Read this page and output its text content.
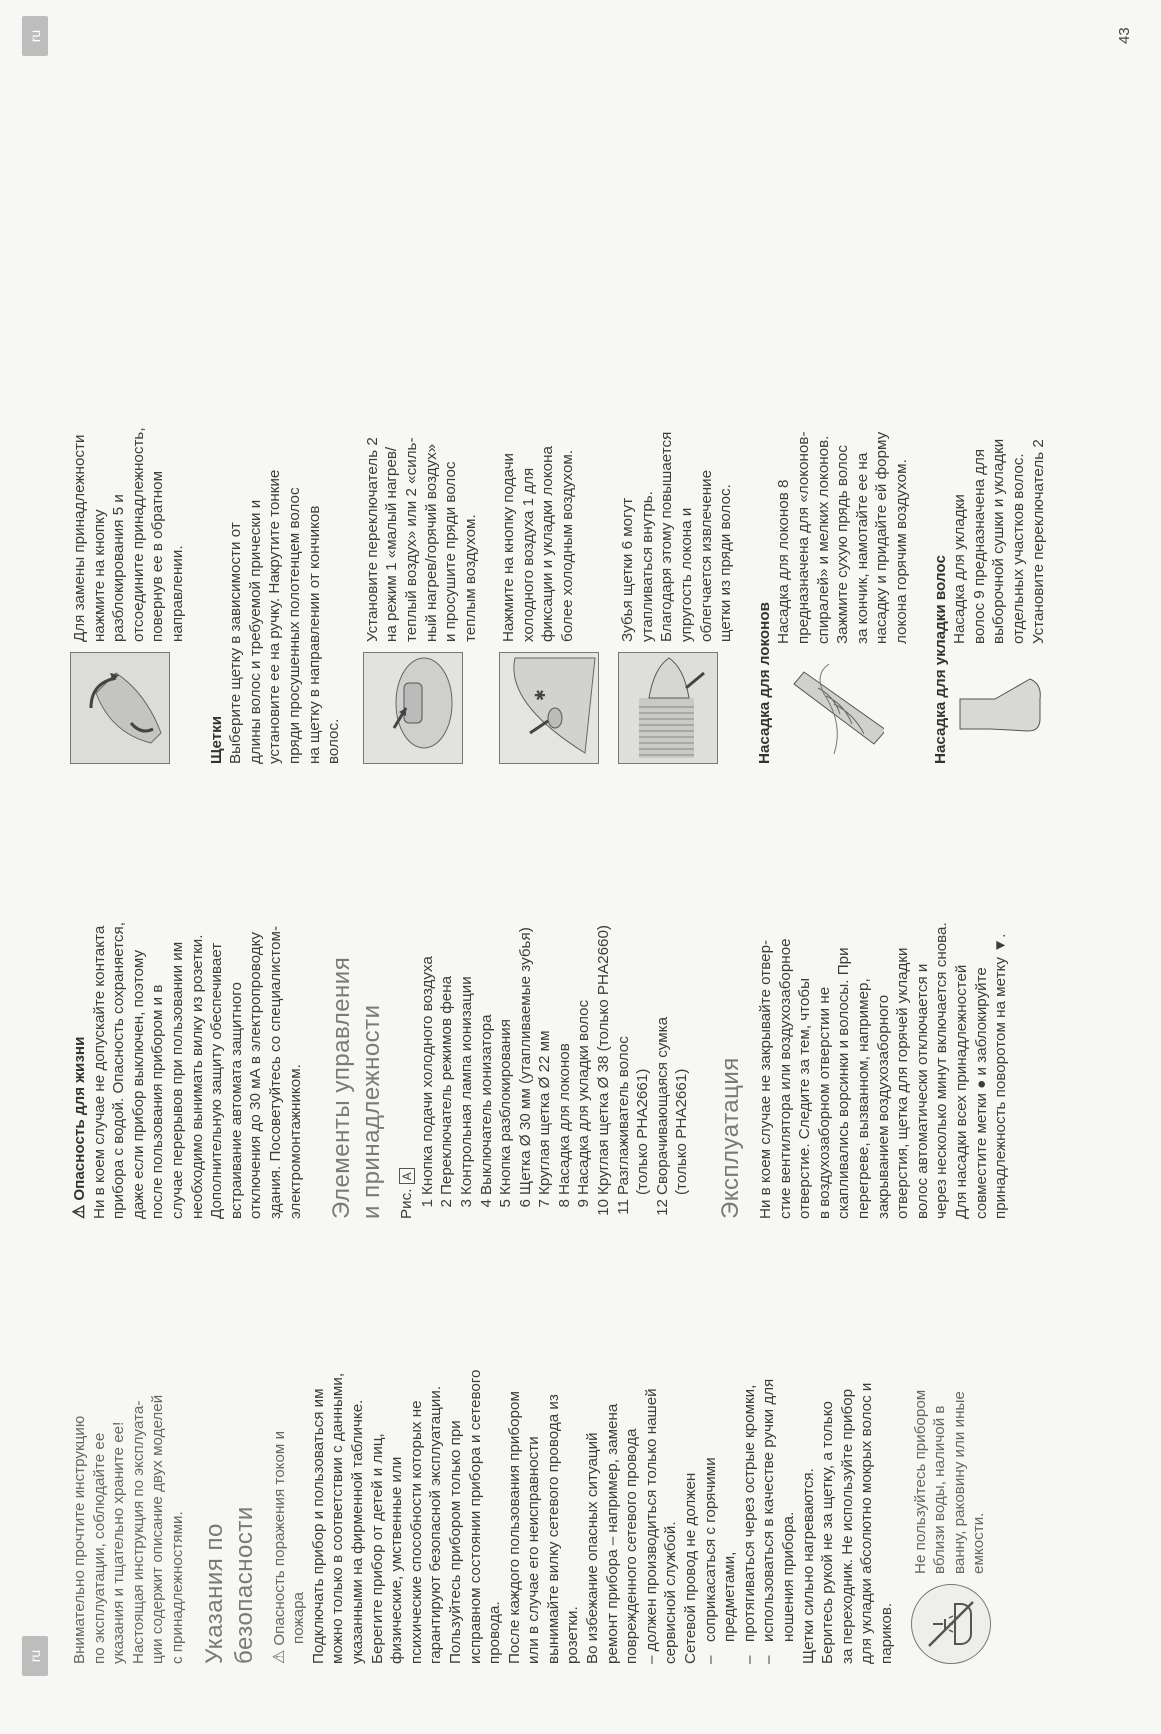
ru
ru	43

Внимательно прочтите инструкцию по эксплуатации, соблюдайте ее указания и тщательно храните ее! Настоящая инструкция по эксплуата- ции содержит описание двух моделей с принадлежностями. Указания по безопасности ⚠Опасность поражения током и пожара Подключать прибор и пользоваться им можно только в соответствии с данными, указанными на фирменной табличке. Берегите прибор от детей и лиц, физические, умственные или психические способности которых не гарантируют безопасной эксплуатации. Пользуйтесь прибором только при исправном состоянии прибора и сетевого провода. После каждого пользования прибором или в случае его неисправности вынимайте вилку сетевого провода из розетки. Во избежание опасных ситуаций ремонт прибора – например, замена поврежденного сетевого провода – должен производиться только нашей сервисной службой. Сетевой провод не должен – соприкасаться с горячими предметами, – протягиваться через острые кромки, – использоваться в качестве ручки для ношения прибора. Щетки сильно нагреваются. Беритесь рукой не за щетку, а только за переходник. Не используйте прибор для укладки абсолютно мокрых волос и париков.

Не пользуйтесь прибором вблизи воды, наличой в ванну, раковину или иные емкости.

⚠Опасность для жизни Ни в коем случае не допускайте контакта прибора с водой. Опасность сохраняется, даже если прибор выключен, поэтому после пользования прибором и в случае перерывов при пользовании им необходимо вынимать вилку из розетки. Дополнительную защиту обеспечивает встраивание автомата защитного отключения до 30 мА в электропроводку здания. Посоветуйтесь со специалистом- электромонтажником. Элементы управления и принадлежности Рис. A

1
Кнопка подачи холодного воздуха
2
Переключатель режимов фена
3
Контрольная лампа ионизации
4
Выключатель ионизатора
5
Кнопка разблокирования
6
Щетка Ø 30 мм (утапливаемые зубья)
7
Круглая щетка Ø 22 мм
8
Насадка для локонов
9
Насадка для укладки волос
10
Круглая щетка Ø 38 (только PHA2660)
11
Разглаживатель волос (только PHA2661)
12
Сворачивающаяся сумка (только PHA2661) Эксплуатация Ни в коем случае не закрывайте отвер- стие вентилятора или воздухозаборное отверстие. Следите за тем, чтобы в воздухозаборном отверстии не скапливались ворсинки и волосы. При перегреве, вызванном, например, закрыванием воздухозаборного отверстия, щетка для горячей укладки волос автоматически отключается и через несколько минут включается снова. Для насадки всех принадлежностей совместите метки ● и заблокируйте принадлежность поворотом на метку ▼.

Для замены принадлежности нажмите на кнопку разблокирования 5 и отсоедините принадлежность, повернув ее в обратном направлении.

Щетки Выберите щетку в зависимости от длины волос и требуемой прически и установите ее на ручку. Накрутите тонкие пряди просушенных полотенцем волос на щетку в направлении от кончиков волос.

Установите переключатель 2 на режим 1 «малый нагрев/ теплый воздух» или 2 «силь- ный нагрев/горячий воздух» и просушите пряди волос теплым воздухом.

✱

Нажмите на кнопку подачи холодного воздуха 1 для фиксации и укладки локона более холодным воздухом.	Зубья щетки 6 могут утапливаться внутрь. Благодаря этому повышается упругость локона и облегчается извлечение щетки из пряди волос.

Насадка для локонов

Насадка для локонов 8 предназначена для «локонов- спиралей» и мелких локонов. Зажмите сухую прядь волос за кончик, намотайте ее на насадку и придайте ей форму локона горячим воздухом.

Насадка для укладки волос Насадка для укладки волос 9 предназначена для выборочной сушки и укладки отдельных участков волос. Установите переключатель 2
